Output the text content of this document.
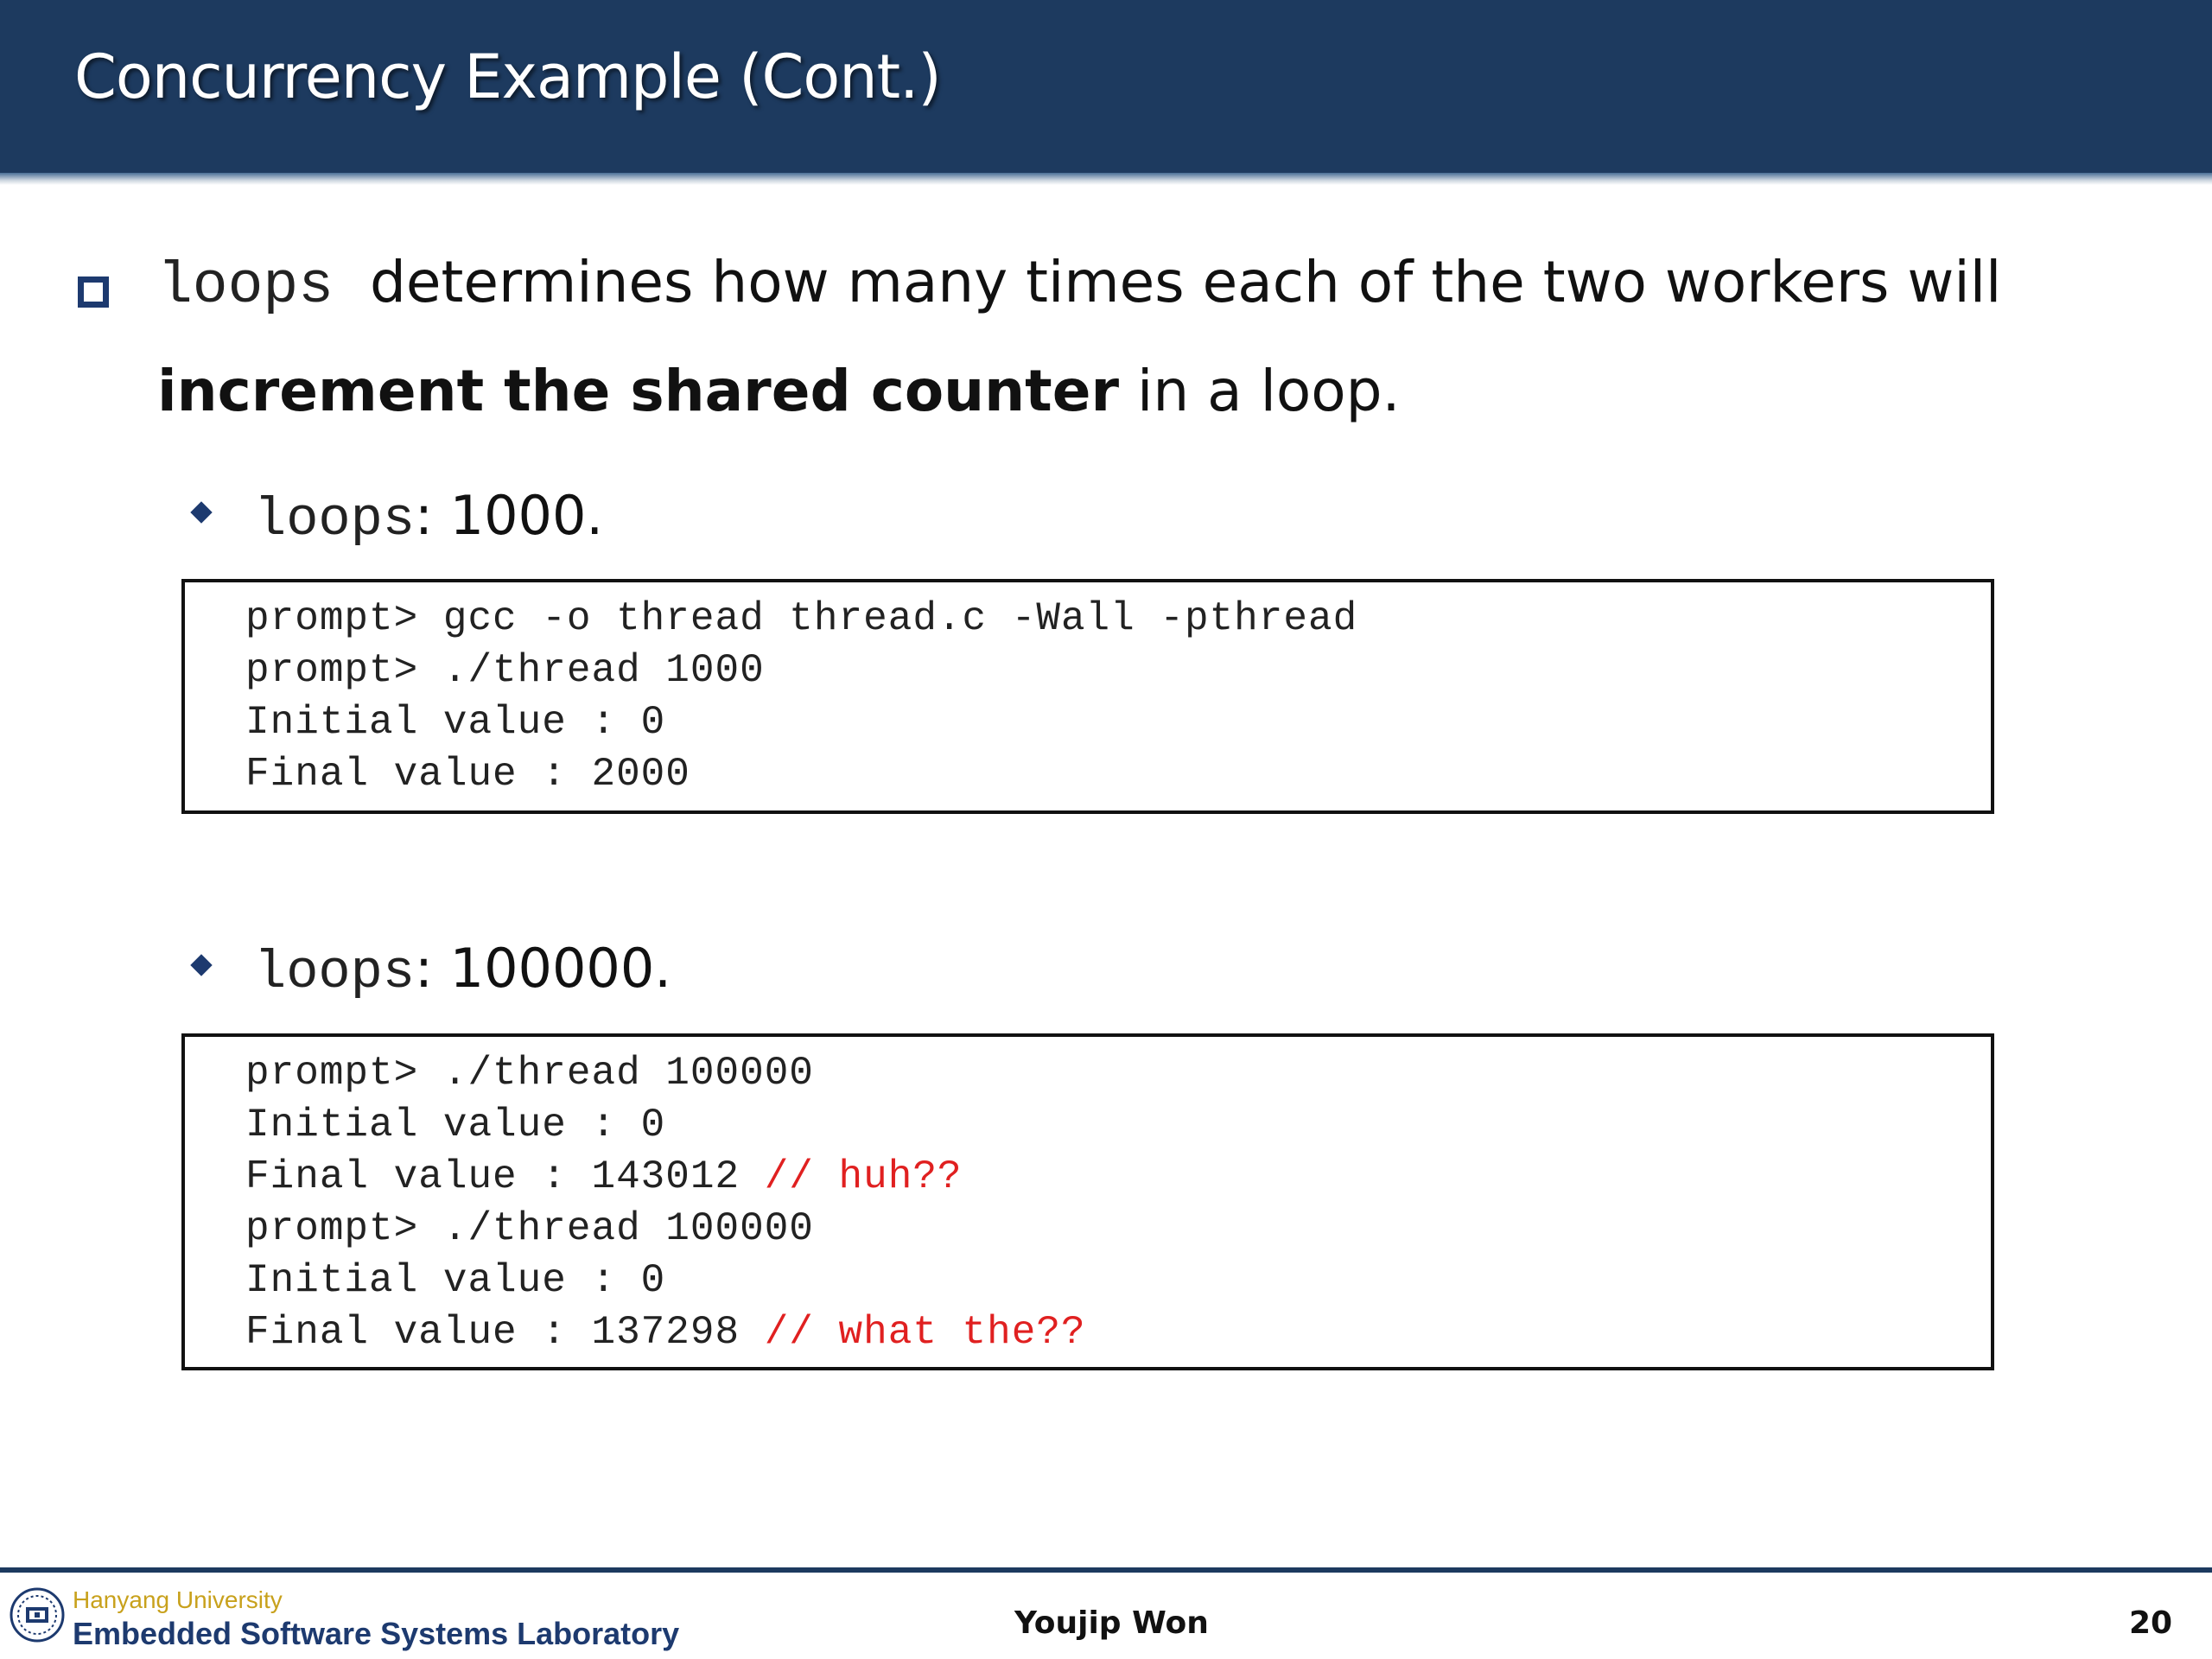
Concurrency Example (Cont.)
loops determines how many times each of the two workers will
increment the shared counter in a loop.
loops: 1000.
prompt> gcc -o thread thread.c -Wall -pthread
prompt> ./thread 1000
Initial value : 0
Final value : 2000
loops: 100000.
prompt> ./thread 100000
Initial value : 0
Final value : 143012 // huh??
prompt> ./thread 100000
Initial value : 0
Final value : 137298 // what the??
Hanyang University
Embedded Software Systems Laboratory	Youjip Won	20
